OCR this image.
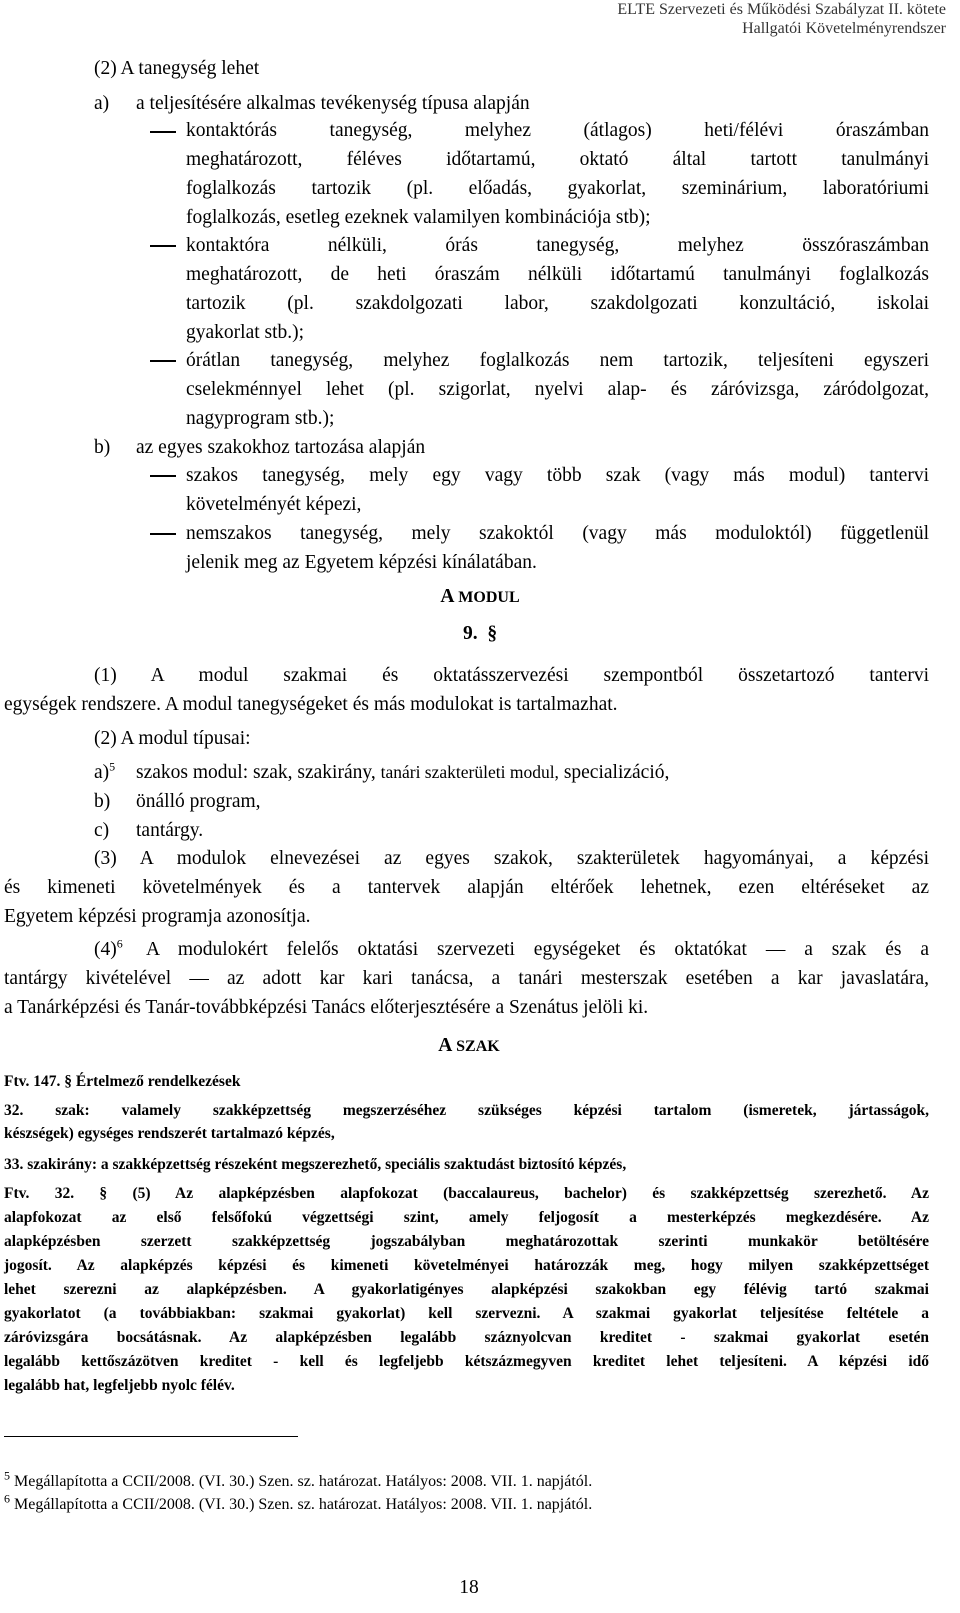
ELTE Szervezeti és Működési Szabályzat II. kötete
Hallgatói Követelményrendszer
(2) A tanegység lehet
a) a teljesítésére alkalmas tevékenység típusa alapján
kontaktórás tanegység, melyhez (átlagos) heti/félévi óraszámban
meghatározott, féléves időtartamú, oktató által tartott tanulmányi
foglalkozás tartozik (pl. előadás, gyakorlat, szeminárium, laboratóriumi
foglalkozás, esetleg ezeknek valamilyen kombinációja stb);
kontaktóra nélküli, órás tanegység, melyhez összóraszámban
meghatározott, de heti óraszám nélküli időtartamú tanulmányi foglalkozás
tartozik (pl. szakdolgozati labor, szakdolgozati konzultáció, iskolai
gyakorlat stb.);
órátlan tanegység, melyhez foglalkozás nem tartozik, teljesíteni egyszeri
cselekménnyel lehet (pl. szigorlat, nyelvi alap- és záróvizsga, záródolgozat,
nagyprogram stb.);
b) az egyes szakokhoz tartozása alapján
szakos tanegység, mely egy vagy több szak (vagy más modul) tantervi
követelményét képezi,
nemszakos tanegység, mely szakoktól (vagy más moduloktól) függetlenül
jelenik meg az Egyetem képzési kínálatában.
A MODUL
9. §
(1) A modul szakmai és oktatásszervezési szempontból összetartozó tantervi
egységek rendszere. A modul tanegységeket és más modulokat is tartalmazhat.
(2) A modul típusai:
a)$^5$ szakos modul: szak, szakirány, tanári szakterületi modul, specializáció,
b) önálló program,
c) tantárgy.
(3) A modulok elnevezései az egyes szakok, szakterületek hagyományai, a képzési
és kimeneti követelmények és a tantervek alapján eltérőek lehetnek, ezen eltéréseket az
Egyetem képzési programja azonosítja.
$(4)^6$ A modulokért felelős oktatási szervezeti egységeket és oktatókat ― a szak és a
tantárgy kivételével ― az adott kar kari tanácsa, a tanári mesterszak esetében a kar javaslatára,
a Tanárképzési és Tanár-továbbképzési Tanács előterjesztésére a Szenátus jelöli ki.
A SZAK
Ftv. 147. § Értelmező rendelkezések
32. szak: valamely szakképzettség megszerzéséhez szükséges képzési tartalom (ismeretek, jártasságok,
készségek) egységes rendszerét tartalmazó képzés,
33. szakirány: a szakképzettség részeként megszerezhető, speciális szaktudást biztosító képzés,
Ftv. 32. § (5) Az alapképzésben alapfokozat (baccalaureus, bachelor) és szakképzettség szerezhető. Az
alapfokozat az első felsőfokú végzettségi szint, amely feljogosít a mesterképzés megkezdésére. Az
alapképzésben szerzett szakképzettség jogszabályban meghatározottak szerinti munkakör betöltésére
jogosít. Az alapképzés képzési és kimeneti követelményei határozzák meg, hogy milyen szakképzettséget
lehet szerezni az alapképzésben. A gyakorlatigényes alapképzési szakokban egy félévig tartó szakmai
gyakorlatot (a továbbiakban: szakmai gyakorlat) kell szervezni. A szakmai gyakorlat teljesítése feltétele a
záróvizsgára bocsátásnak. Az alapképzésben legalább száznyolcvan kreditet - szakmai gyakorlat esetén
legalább kettőszázötven kreditet - kell és legfeljebb kétszázmegyven kreditet lehet teljesíteni. A képzési idő
legalább hat, legfeljebb nyolc félév.
$^5$ Megállapította a CCII/2008. (VI. 30.) Szen. sz. határozat. Hatályos: 2008. VII. 1. napjától.
$^6$ Megállapította a CCII/2008. (VI. 30.) Szen. sz. határozat. Hatályos: 2008. VII. 1. napjától.
18
